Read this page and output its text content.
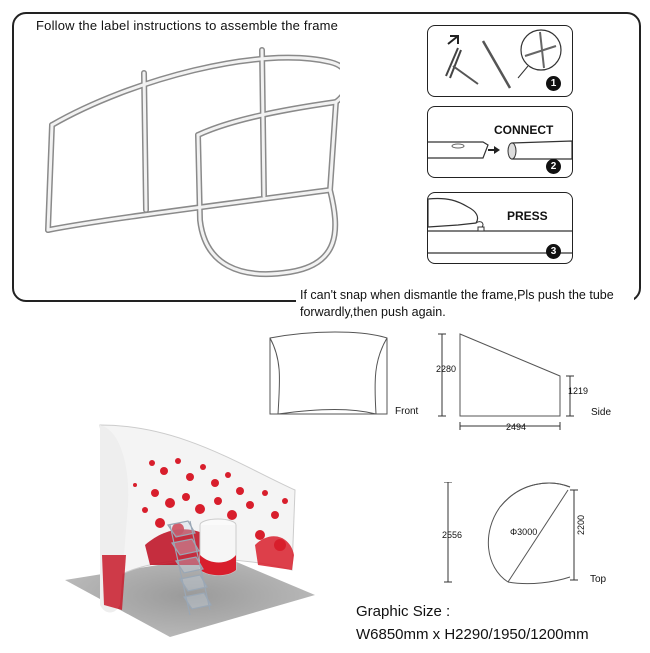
Follow the label instructions to assemble the frame
1
CONNECT
2
PRESS
3
If can't snap when dismantle the frame,Pls push the tube forwardly,then push again.
Front
2280
1219
2494
Side
2556	Φ3000	2200
Top
Graphic Size :
W6850mm x H2290/1950/1200mm
